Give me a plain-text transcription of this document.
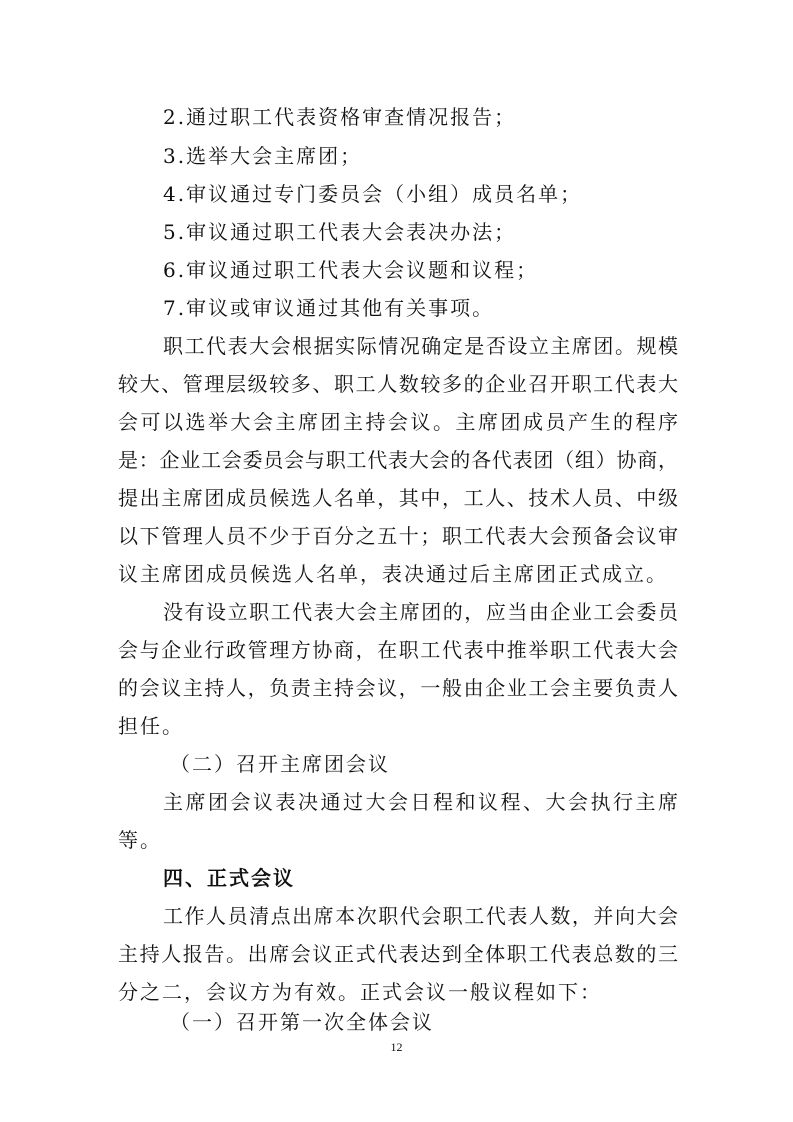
2.通过职工代表资格审查情况报告；
3.选举大会主席团；
4.审议通过专门委员会（小组）成员名单；
5.审议通过职工代表大会表决办法；
6.审议通过职工代表大会议题和议程；
7.审议或审议通过其他有关事项。
职工代表大会根据实际情况确定是否设立主席团。规模
较大、管理层级较多、职工人数较多的企业召开职工代表大
会可以选举大会主席团主持会议。主席团成员产生的程序
是：企业工会委员会与职工代表大会的各代表团（组）协商，
提出主席团成员候选人名单，其中，工人、技术人员、中级
以下管理人员不少于百分之五十；职工代表大会预备会议审
议主席团成员候选人名单，表决通过后主席团正式成立。
没有设立职工代表大会主席团的，应当由企业工会委员
会与企业行政管理方协商，在职工代表中推举职工代表大会
的会议主持人，负责主持会议，一般由企业工会主要负责人
担任。
（二）召开主席团会议
主席团会议表决通过大会日程和议程、大会执行主席
等。
四、正式会议
工作人员清点出席本次职代会职工代表人数，并向大会
主持人报告。出席会议正式代表达到全体职工代表总数的三
分之二，会议方为有效。正式会议一般议程如下：
（一）召开第一次全体会议
12
